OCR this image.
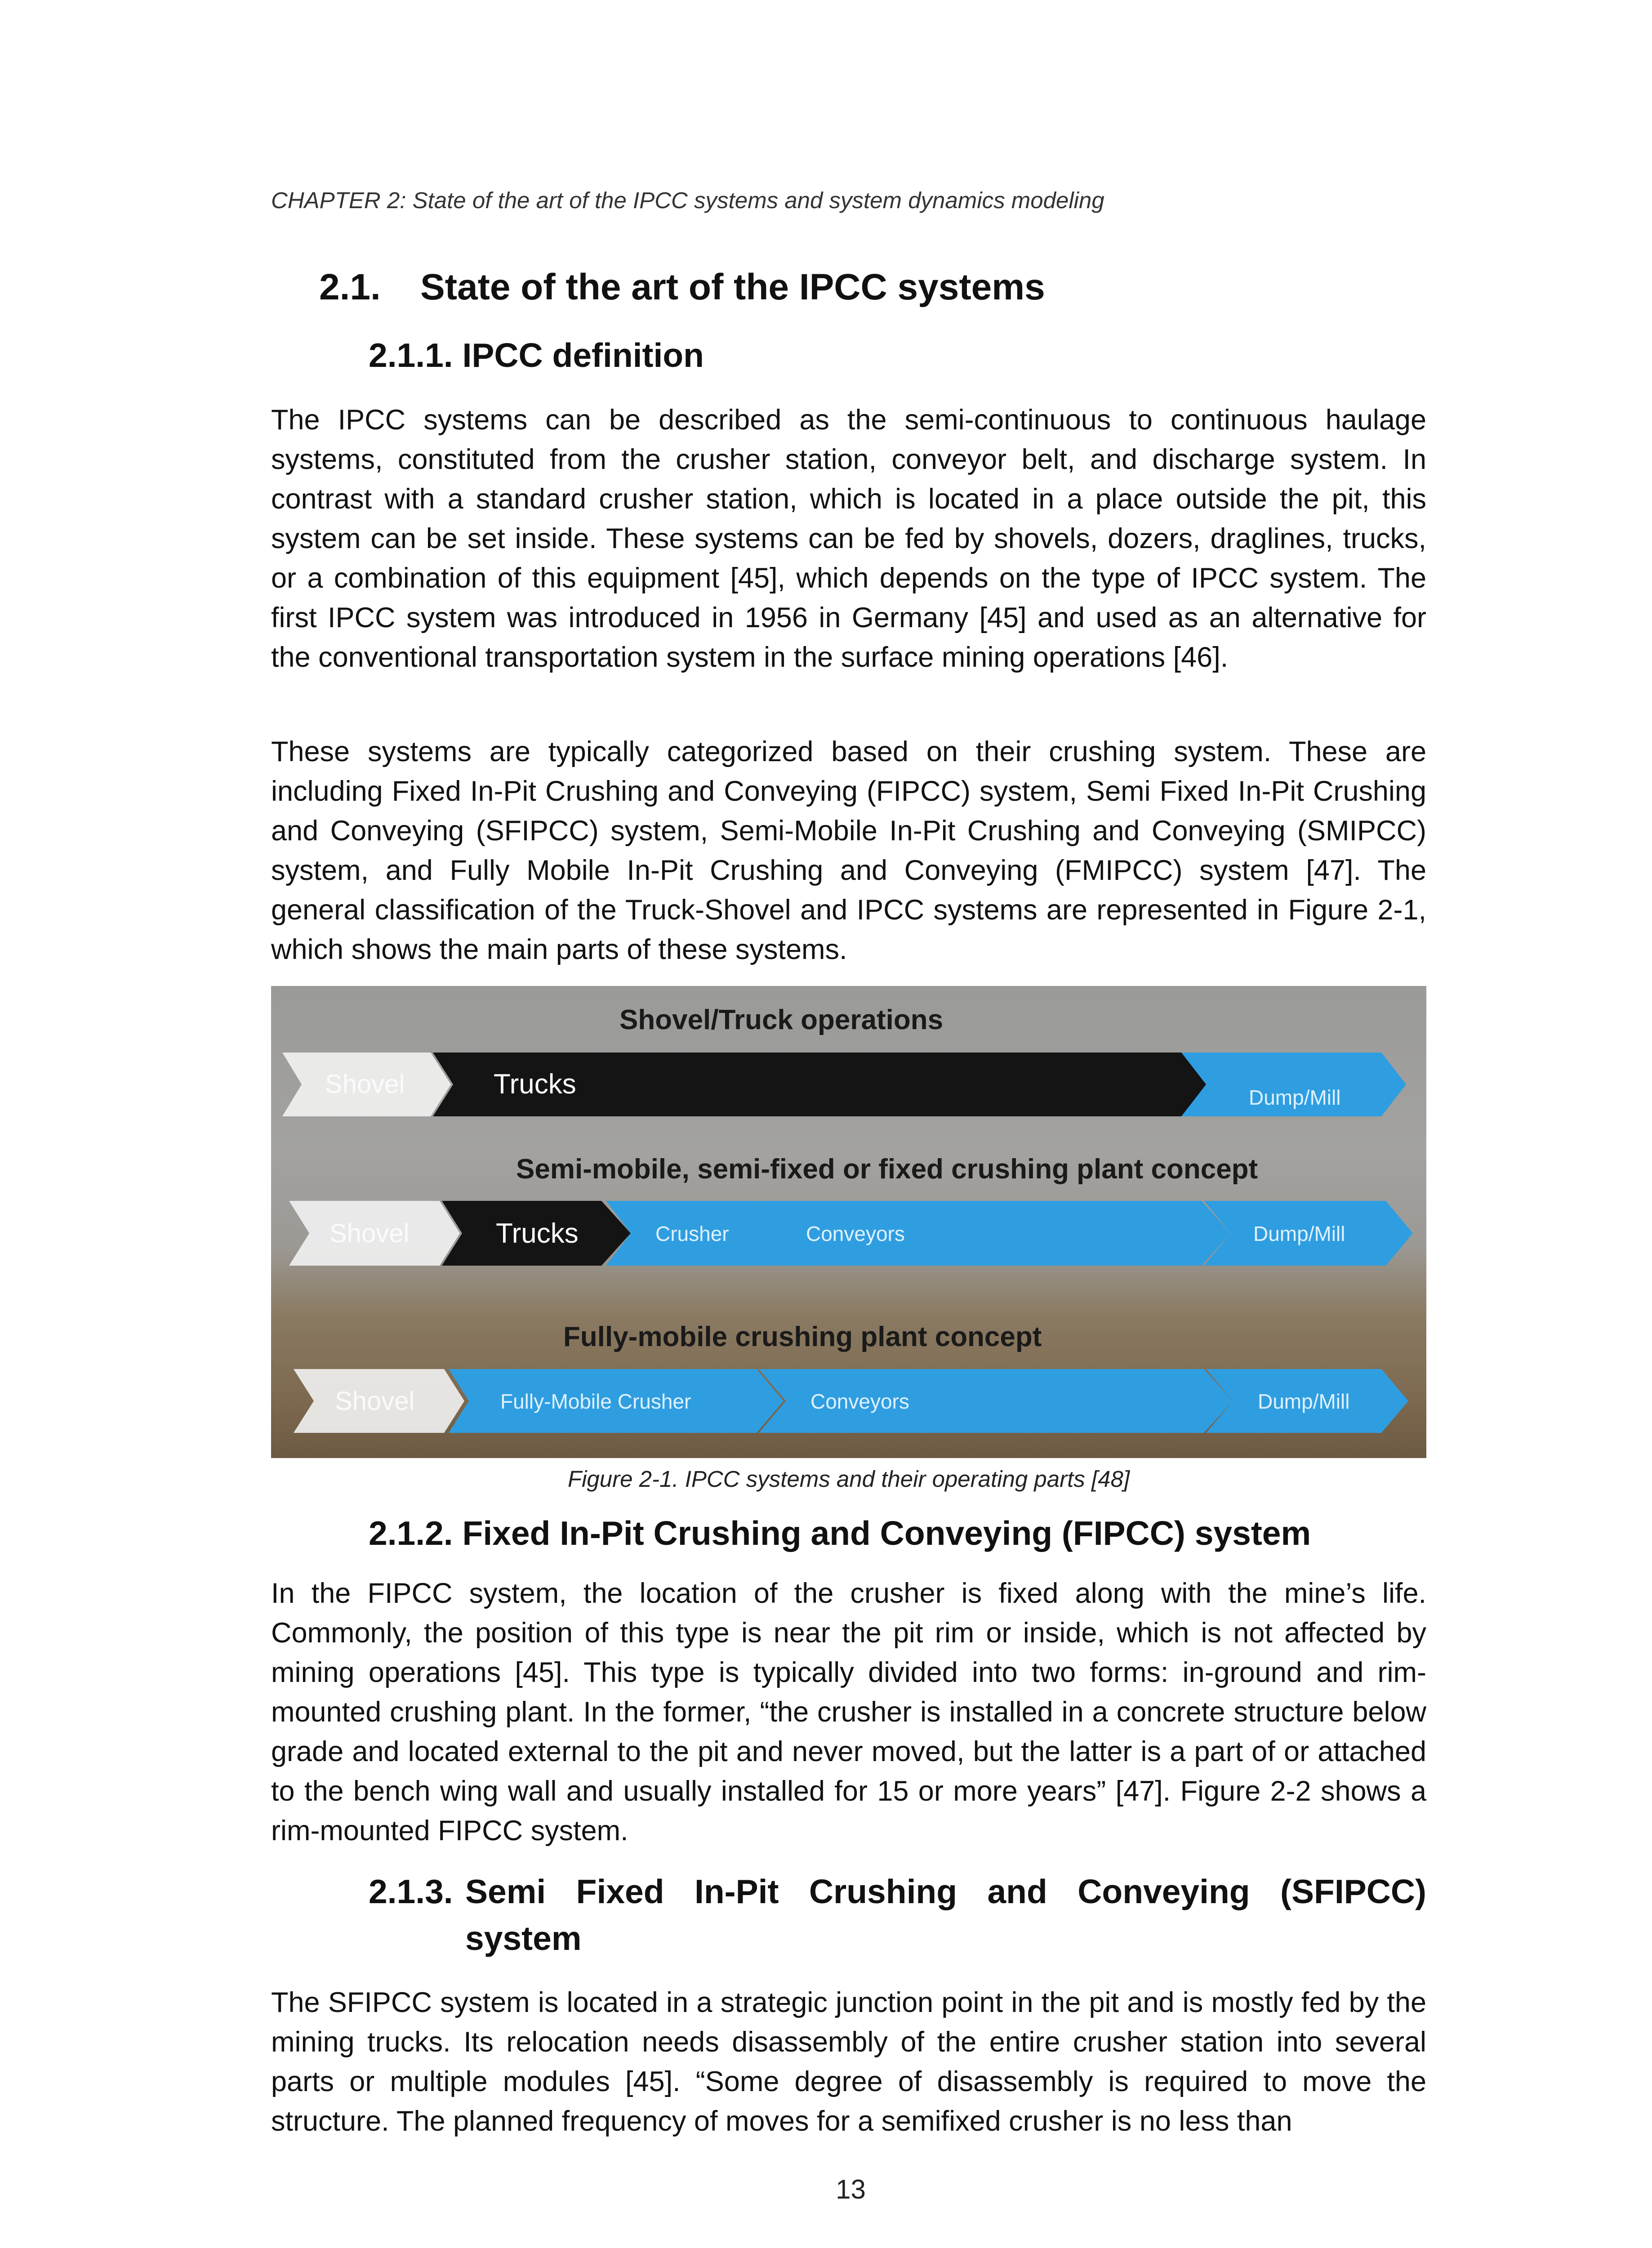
CHAPTER 2: State of the art of the IPCC systems and system dynamics modeling

2.1. State of the art of the IPCC systems
2.1.1. IPCC definition

The IPCC systems can be described as the semi-continuous to continuous haulage systems, constituted from the crusher station, conveyor belt, and discharge system. In contrast with a standard crusher station, which is located in a place outside the pit, this system can be set inside. These systems can be fed by shovels, dozers, draglines, trucks, or a combination of this equipment [45], which depends on the type of IPCC system. The first IPCC system was introduced in 1956 in Germany [45] and used as an alternative for the conventional transportation system in the surface mining operations [46].

These systems are typically categorized based on their crushing system. These are including Fixed In-Pit Crushing and Conveying (FIPCC) system, Semi Fixed In-Pit Crushing and Conveying (SFIPCC) system, Semi-Mobile In-Pit Crushing and Conveying (SMIPCC) system, and Fully Mobile In-Pit Crushing and Conveying (FMIPCC) system [47]. The general classification of the Truck-Shovel and IPCC systems are represented in Figure 2-1, which shows the main parts of these systems.

Shovel/Truck operations

Semi-mobile, semi-fixed or fixed crushing plant concept

Fully-mobile crushing plant concept

Shovel	Trucks	Dump/Mill
Shovel	Trucks	Crusher	Conveyors	Dump/Mill
Shovel	Fully-Mobile Crusher	Conveyors	Dump/Mill

Figure 2-1. IPCC systems and their operating parts [48]

2.1.2. Fixed In-Pit Crushing and Conveying (FIPCC) system

In the FIPCC system, the location of the crusher is fixed along with the mine’s life. Commonly, the position of this type is near the pit rim or inside, which is not affected by mining operations [45]. This type is typically divided into two forms: in-ground and rim-mounted crushing plant. In the former, “the crusher is installed in a concrete structure below grade and located external to the pit and never moved, but the latter is a part of or attached to the bench wing wall and usually installed for 15 or more years” [47]. Figure 2-2 shows a rim-mounted FIPCC system.

2.1.3. Semi Fixed In-Pit Crushing and Conveying (SFIPCC)
system

The SFIPCC system is located in a strategic junction point in the pit and is mostly fed by the mining trucks. Its relocation needs disassembly of the entire crusher station into several parts or multiple modules [45]. “Some degree of disassembly is required to move the structure. The planned frequency of moves for a semifixed crusher is no less than

13
